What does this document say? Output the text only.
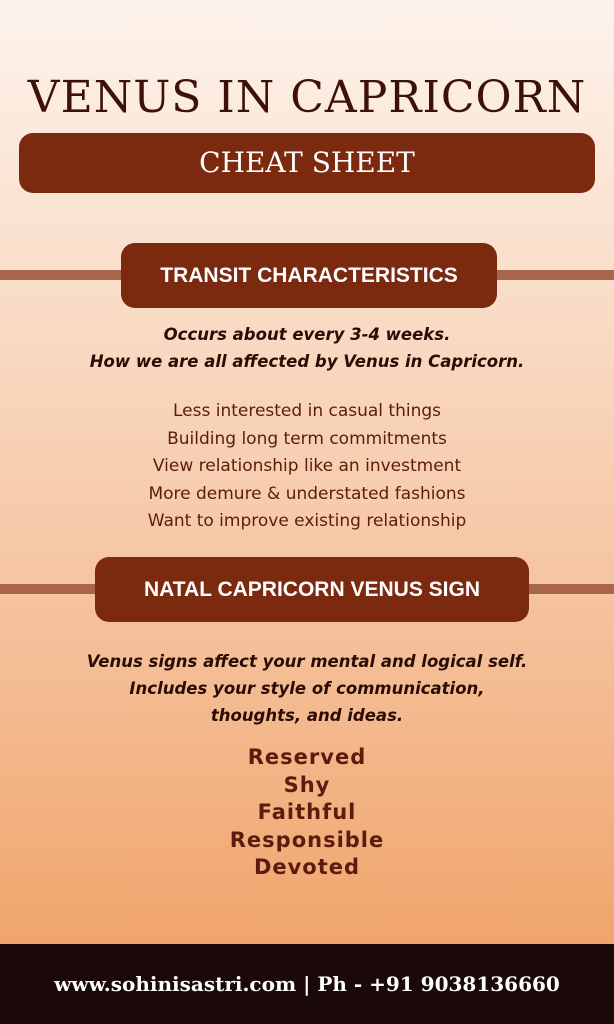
VENUS IN CAPRICORN
CHEAT SHEET
TRANSIT CHARACTERISTICS
Occurs about every 3-4 weeks.
How we are all affected by Venus in Capricorn.
Less interested in casual things
Building long term commitments
View relationship like an investment
More demure & understated fashions
Want to improve existing relationship
NATAL CAPRICORN VENUS SIGN
Venus signs affect your mental and logical self.
Includes your style of communication,
thoughts, and ideas.
Reserved
Shy
Faithful
Responsible
Devoted
www.sohinisastri.com | Ph - +91 9038136660
